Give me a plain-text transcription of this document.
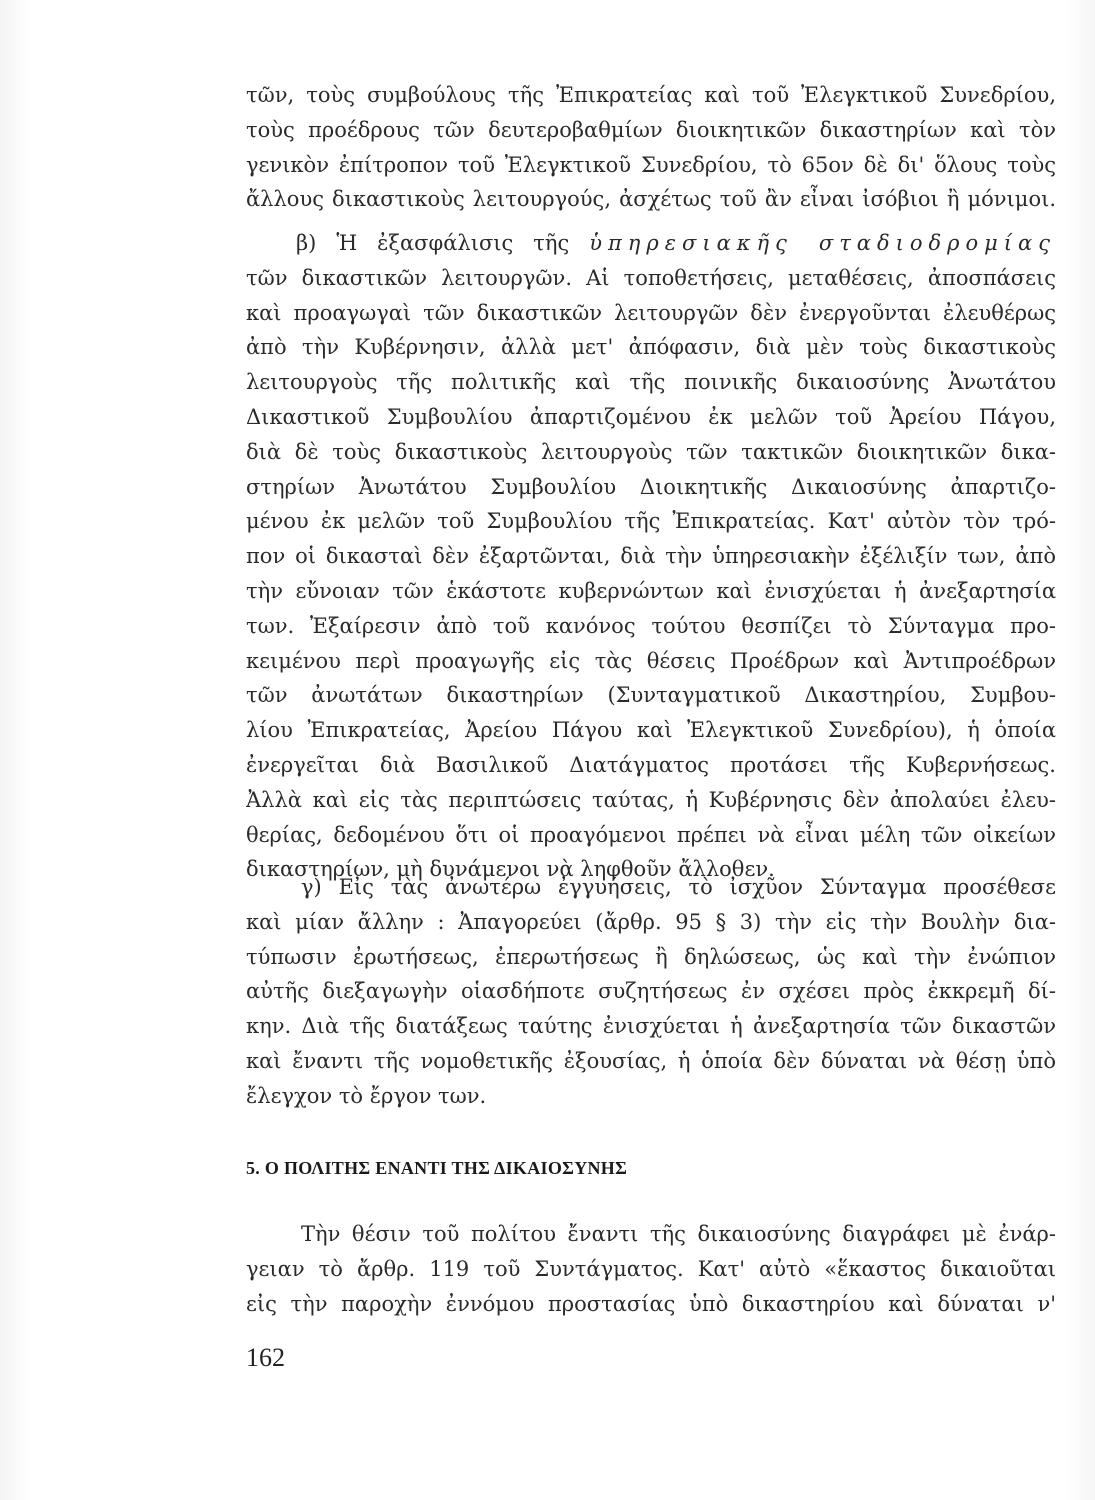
τῶν, τοὺς συμβούλους τῆς Ἐπικρατείας καὶ τοῦ Ἐλεγκτικοῦ Συνεδρίου,
τοὺς προέδρους τῶν δευτεροβαθμίων διοικητικῶν δικαστηρίων καὶ τὸν
γενικὸν ἐπίτροπον τοῦ Ἐλεγκτικοῦ Συνεδρίου, τὸ 65ον δὲ δι' ὅλους τοὺς
ἄλλους δικαστικοὺς λειτουργούς, ἀσχέτως τοῦ ἂν εἶναι ἰσόβιοι ἢ μόνιμοι.
β) Ἡ ἐξασφάλισις τῆς ὑπηρεσιακῆς σταδιοδρομίας
τῶν δικαστικῶν λειτουργῶν. Αἱ τοποθετήσεις, μεταθέσεις, ἀποσπάσεις
καὶ προαγωγαὶ τῶν δικαστικῶν λειτουργῶν δὲν ἐνεργοῦνται ἐλευθέρως
ἀπὸ τὴν Κυβέρνησιν, ἀλλὰ μετ' ἀπόφασιν, διὰ μὲν τοὺς δικαστικοὺς
λειτουργοὺς τῆς πολιτικῆς καὶ τῆς ποινικῆς δικαιοσύνης Ἀνωτάτου
Δικαστικοῦ Συμβουλίου ἀπαρτιζομένου ἐκ μελῶν τοῦ Ἀρείου Πάγου,
διὰ δὲ τοὺς δικαστικοὺς λειτουργοὺς τῶν τακτικῶν διοικητικῶν δικα-
στηρίων Ἀνωτάτου Συμβουλίου Διοικητικῆς Δικαιοσύνης ἀπαρτιζο-
μένου ἐκ μελῶν τοῦ Συμβουλίου τῆς Ἐπικρατείας. Κατ' αὐτὸν τὸν τρό-
πον οἱ δικασταὶ δὲν ἐξαρτῶνται, διὰ τὴν ὑπηρεσιακὴν ἐξέλιξίν των, ἀπὸ
τὴν εὔνοιαν τῶν ἑκάστοτε κυβερνώντων καὶ ἐνισχύεται ἡ ἀνεξαρτησία
των. Ἐξαίρεσιν ἀπὸ τοῦ κανόνος τούτου θεσπίζει τὸ Σύνταγμα προ-
κειμένου περὶ προαγωγῆς εἰς τὰς θέσεις Προέδρων καὶ Ἀντιπροέδρων
τῶν ἀνωτάτων δικαστηρίων (Συνταγματικοῦ Δικαστηρίου, Συμβου-
λίου Ἐπικρατείας, Ἀρείου Πάγου καὶ Ἐλεγκτικοῦ Συνεδρίου), ἡ ὁποία
ἐνεργεῖται διὰ Βασιλικοῦ Διατάγματος προτάσει τῆς Κυβερνήσεως.
Ἀλλὰ καὶ εἰς τὰς περιπτώσεις ταύτας, ἡ Κυβέρνησις δὲν ἀπολαύει ἐλευ-
θερίας, δεδομένου ὅτι οἱ προαγόμενοι πρέπει νὰ εἶναι μέλη τῶν οἰκείων
δικαστηρίων, μὴ δυνάμενοι νὰ ληφθοῦν ἄλλοθεν.
γ) Εἰς τὰς ἀνωτέρω ἐγγυήσεις, τὸ ἰσχῦον Σύνταγμα προσέθεσε
καὶ μίαν ἄλλην : Ἀπαγορεύει (ἄρθρ. 95 § 3) τὴν εἰς τὴν Βουλὴν δια-
τύπωσιν ἐρωτήσεως, ἐπερωτήσεως ἢ δηλώσεως, ὡς καὶ τὴν ἐνώπιον
αὐτῆς διεξαγωγὴν οἱασδήποτε συζητήσεως ἐν σχέσει πρὸς ἐκκρεμῆ δί-
κην. Διὰ τῆς διατάξεως ταύτης ἐνισχύεται ἡ ἀνεξαρτησία τῶν δικαστῶν
καὶ ἔναντι τῆς νομοθετικῆς ἐξουσίας, ἡ ὁποία δὲν δύναται νὰ θέσῃ ὑπὸ
ἔλεγχον τὸ ἔργον των.
5. Ο ΠΟΛΙΤΗΣ ΕΝΑΝΤΙ ΤΗΣ ΔΙΚΑΙΟΣΥΝΗΣ
Τὴν θέσιν τοῦ πολίτου ἔναντι τῆς δικαιοσύνης διαγράφει μὲ ἐνάρ-
γειαν τὸ ἄρθρ. 119 τοῦ Συντάγματος. Κατ' αὐτὸ «ἕκαστος δικαιοῦται
εἰς τὴν παροχὴν ἐννόμου προστασίας ὑπὸ δικαστηρίου καὶ δύναται ν'
162
